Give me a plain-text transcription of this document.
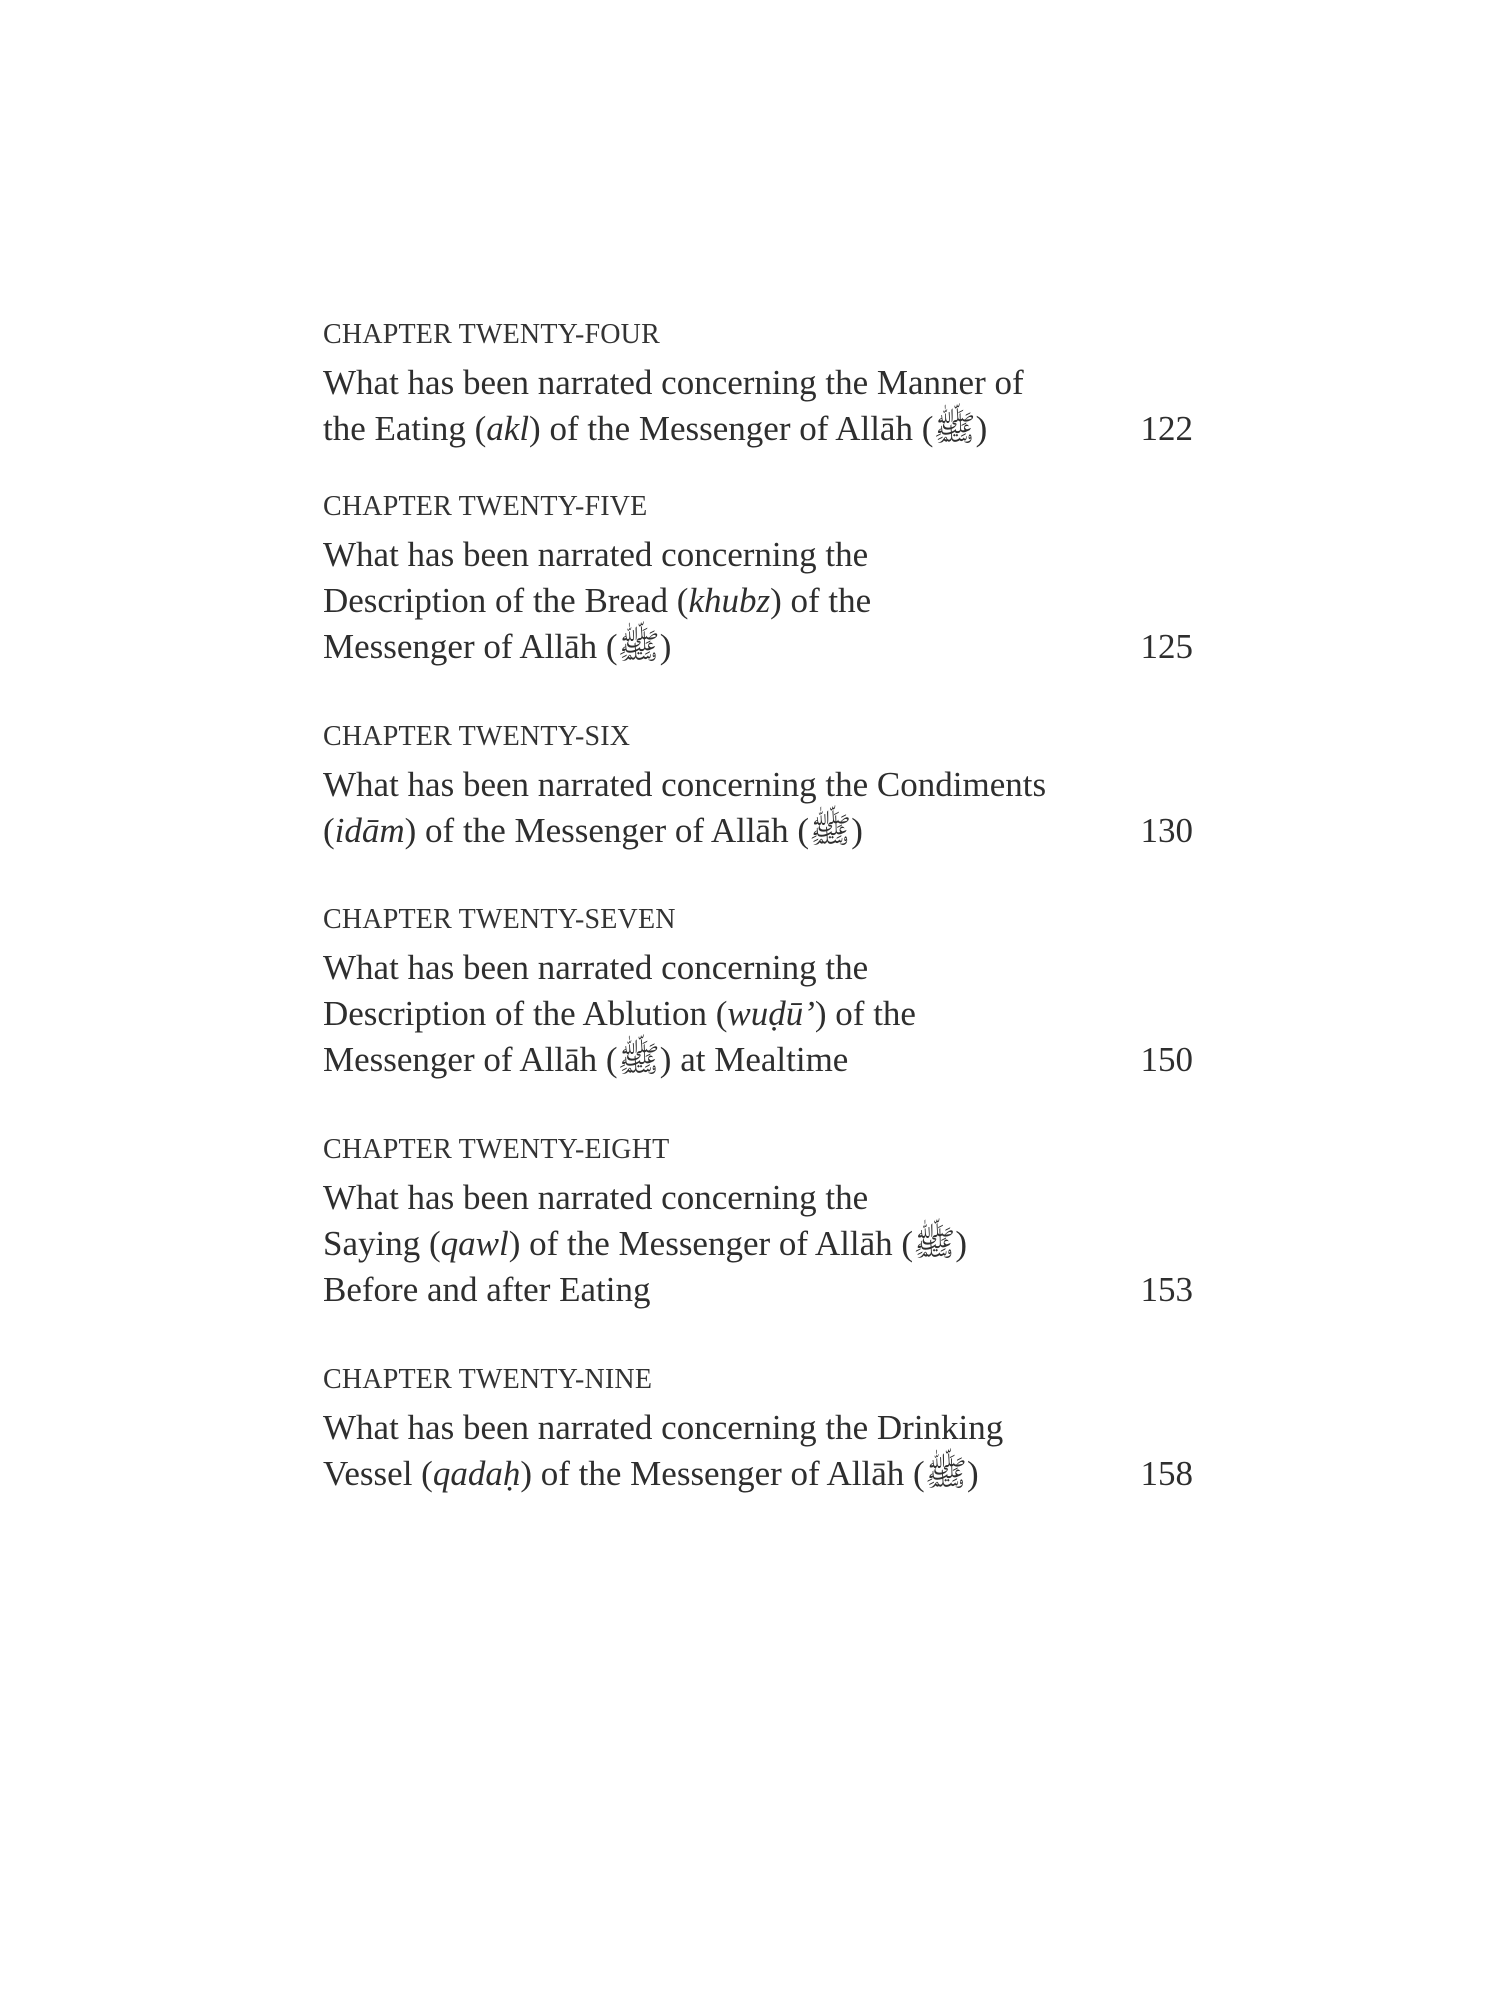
CHAPTER TWENTY-FOUR
What has been narrated concerning the Manner of
the Eating (akl) of the Messenger of Allāh (ﷺ)	122
CHAPTER TWENTY-FIVE
What has been narrated concerning the
Description of the Bread (khubz) of the
Messenger of Allāh (ﷺ)	125
CHAPTER TWENTY-SIX
What has been narrated concerning the Condiments
(idām) of the Messenger of Allāh (ﷺ)	130
CHAPTER TWENTY-SEVEN
What has been narrated concerning the
Description of the Ablution (wuḍū’) of the
Messenger of Allāh (ﷺ) at Mealtime	150
CHAPTER TWENTY-EIGHT
What has been narrated concerning the
Saying (qawl) of the Messenger of Allāh (ﷺ)
Before and after Eating	153
CHAPTER TWENTY-NINE
What has been narrated concerning the Drinking
Vessel (qadaḥ) of the Messenger of Allāh (ﷺ)	158
